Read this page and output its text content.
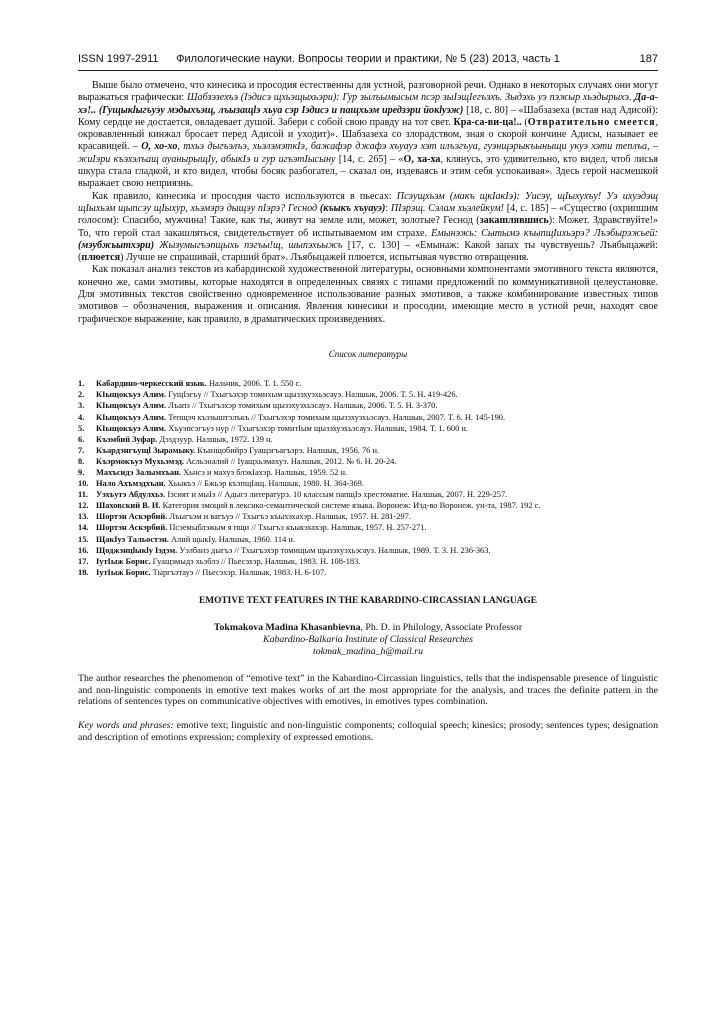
ISSN 1997-2911	Филологические науки. Вопросы теории и практики, № 5 (23) 2013, часть 1	187

Выше было отмечено, что кинесика и просодия естественны для устной, разговорной речи. Однако в некоторых случаях они могут выражаться графически: Шабзэзехъэ (Iэдисэ щхьэщыхьэри): Гур зылъымысым псэр зыIэщIегъэхъ. Зыдэхь уэ пэжыр хьэдырыхэ. Да-а-хэ!.. (Гущыкlыгъуэу мэдыхъэщ, лъызащlэ хьуа сэр Iэдисэ и пащхьэм иредзэри йокlуэж) [18, с. 80] – «Шабзазеха (встав над Адисой): Кому сердце не достается, овладевает душой. Забери с собой свою правду на тот свет. Кра-са-ви-ца!.. (Отвратительно смеется, окровавленный кинжал бросает перед Адисой и уходит)». Шабзазеха со злорадством, зная о скорой кончине Адисы, называет ее красавицей. – О, хо-хо, тхьэ дыгъэлъэ, хьэлэмэткIэ, бажафэр джафэ хъуауэ хэт илъэгъуа, гуэнщэрыкъыныщи укуэ хэти теплъа, – жиIэри къэхэлъащ ауанырыщIу, абыкIэ и гур игъэтIысыну [14, с. 265] – «О, ха-ха, клянусь, это удивительно, кто видел, чтоб лисья шкура стала гладкой, и кто видел, чтобы босяк разбогател, – сказал он, издеваясь и этим себя успокаивая». Здесь герой насмешкой выражает свою неприязнь.

Как правило, кинесика и просодия часто используются в пьесах: Псэущхьэм (макъ щкIакIэ): Уисэу, щIыхухъу! Уэ ихуэдэщ щIыхьэм щыпсэу щIыхур, хьэмэрэ дыщэу пIэрэ? Геснод (къыкъ хъуауэ): ПIэрэщ. Сэлам хьэлейкум! [4, с. 185] – «Существо (охрипшим голосом): Спасибо, мужчина! Такие, как ты, живут на земле или, может, золотые? Геснод (закашлявшись): Может. Здравствуйте!» То, что герой стал закашляться, свидетельствует об испытываемом им страхе. Емынэжь: Сытымэ къыпщIихьэрэ? Лъэбырэжьей: (мэубжьытхэри) Жызумыгъэпщыхь пэгъы!щ, шыпэхьыжъ [17, с. 130] – «Емынаж: Какой запах ты чувствуешь? Лъябыцажей: (плюется) Лучше не спрашивай, старший брат». Лъябыцажей плюется, испытывая чувство отвращения.

Как показал анализ текстов из кабардинской художественной литературы, основными компонентами эмотивного текста являются, конечно же, сами эмотивы, которые находятся в определенных связях с типами предложений по коммуникативной целеустановке. Для эмотивных текстов свойственно одновременное использование разных эмотивов, а также комбинирование известных типов эмотивов – обозначения, выражения и описания. Явления кинесики и просодии, имеющие место в устной речи, находят свое графическое выражение, как правило, в драматических произведениях.

Список литературы
1. Кабардино-черкесский язык. Нальчик, 2006. Т. 1. 550 с.
2. КIыщокъуэ Алим. ГущIэгъу // Тхыгъэхэр томихым щызэхуэхьэсауэ. Налшык, 2006. Т. 5. Н. 419-426.
3. КIыщокъуэ Алим. Лъапэ // Тхыгъэхэр томихым щызэхуэхьэсауэ. Налшык, 2006. Т. 5. Н. 3-370.
4. КIыщокъуэ Алим. Тепщэч къэзыштэлъкъ // Тхыгъэхэр томихым щызэхуэхьэсауэ. Налшык, 2007. Т. 6. Н. 145-190.
5. КIыщокъуэ Алим. Хъуэпсэгъуэ нур // Тхыгъэхэр томитIым щызэхуэхьэсауэ. Налшык, 1984. Т. 1. 600 н.
6. Къэмбий Зуфар. Дэздзуур. Налшык, 1972. 139 н.
7. Къардэнгъущl Зырамыку. Къанщобийрэ Гуащэгъагъэрэ. Налшык, 1956. 76 н.
8. Къэрмокъуэ Мухьэмэд. Асльэналий // Iуащхьэмахуэ. Налшык, 2012. № 6. Н. 20-24.
9. Махъсидэ Залымхъан. Хьнсэ и махуэ блэкIахэр. Налшык, 1959. 52 н.
10. Нало Ахъмэдхъан. Хьыкъэ // Бжьэр къэпщIащ. Налшык, 1980. Н. 364-369.
11. Уэхъутэ Абдулхьэ. Iэсият и мыIэ // Адыгэ литературэ. 10 классым папщIэ хрестоматие. Налшык, 2007. Н. 229-257.
12. Шаховский В. И. Категория эмоций в лексико-семантической системе языка. Воронеж: Изд-во Воронеж. ун-та, 1987. 192 с.
13. Шортэн Аскэрбий. Лъыгъэм и вагъуэ // Тхыгъэ къыхэхахэр. Налшык, 1957. Н. 281-297.
14. Шортэн Аскэрбий. Псэемыблэжым я пщи // Тхыгъэ къыкэхахэр. Налшык, 1957. Н. 257-271.
15. ЩакIуэ Тальостэн. Алий щыкIу. Налшык, 1960. 114 н.
16. Щоджэнцlыкlу Iэдэм. Уэлбанэ дыгъэ // Тхыгъэхэр томищым щызэхуэхьэсауэ. Налшык, 1989. Т. 3. Н. 236-363.
17. IутIыж Борис. Гуащэмыдз хьэблэ // Пьесэхэр. Налшык, 1983. Н. 108-183.
18. IутIыж Борис. Тыргъэтауэ // Пьесэхэр. Налшык, 1983. Н. 6-107.
EMOTIVE TEXT FEATURES IN THE KABARDINO-CIRCASSIAN LANGUAGE
Tokmakova Madina Khasanbievna, Ph. D. in Philology, Associate Professor
Kabardino-Balkaria Institute of Classical Researches
tokmak_madina_h@mail.ru

The author researches the phenomenon of “emotive text” in the Kabardino-Circassian linguistics, tells that the indispensable presence of linguistic and non-linguistic components in emotive text makes works of art the most appropriate for the analysis, and traces the definite pattern in the relations of sentences types on communicative objectives with emotives, in emotives types combination.

Key words and phrases: emotive text; linguistic and non-linguistic components; colloquial speech; kinesics; prosody; sentences types; designation and description of emotions expression; complexity of expressed emotions.
